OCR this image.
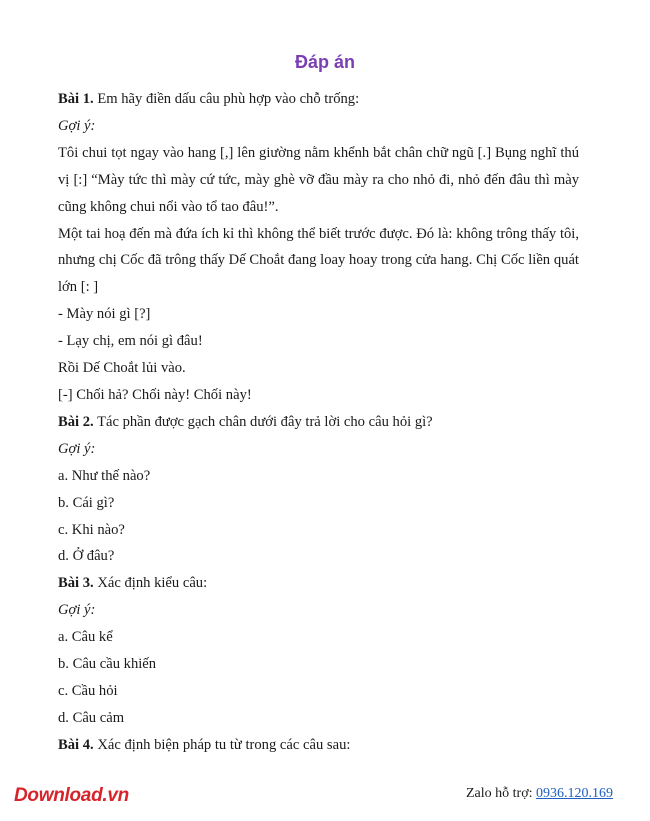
Đáp án

Bài 1. Em hãy điền dấu câu phù hợp vào chỗ trống:

Gợi ý:

Tôi chui tọt ngay vào hang [,] lên giường nằm khểnh bắt chân chữ ngũ [.] Bụng nghĩ thú vị [:] “Mày tức thì mày cứ tức, mày ghè vỡ đầu mày ra cho nhỏ đi, nhỏ đến đâu thì mày cũng không chui nổi vào tổ tao đâu!”.

Một tai hoạ đến mà đứa ích kỉ thì không thể biết trước được. Đó là: không trông thấy tôi, nhưng chị Cốc đã trông thấy Dế Choắt đang loay hoay trong cửa hang. Chị Cốc liền quát lớn [: ]

- Mày nói gì [?]

- Lạy chị, em nói gì đâu!

Rồi Dế Choắt lủi vào.

[-] Chối hả? Chối này! Chối này!

Bài 2. Tác phần được gạch chân dưới đây trả lời cho câu hỏi gì?

Gợi ý:

a. Như thế nào?

b. Cái gì?

c. Khi nào?

d. Ở đâu?

Bài 3. Xác định kiểu câu:

Gợi ý:

a. Câu kể

b. Câu cầu khiến

c. Cầu hỏi

d. Câu cảm

Bài 4. Xác định biện pháp tu từ trong các câu sau:

Download.vn	Zalo hỗ trợ: 0936.120.169
